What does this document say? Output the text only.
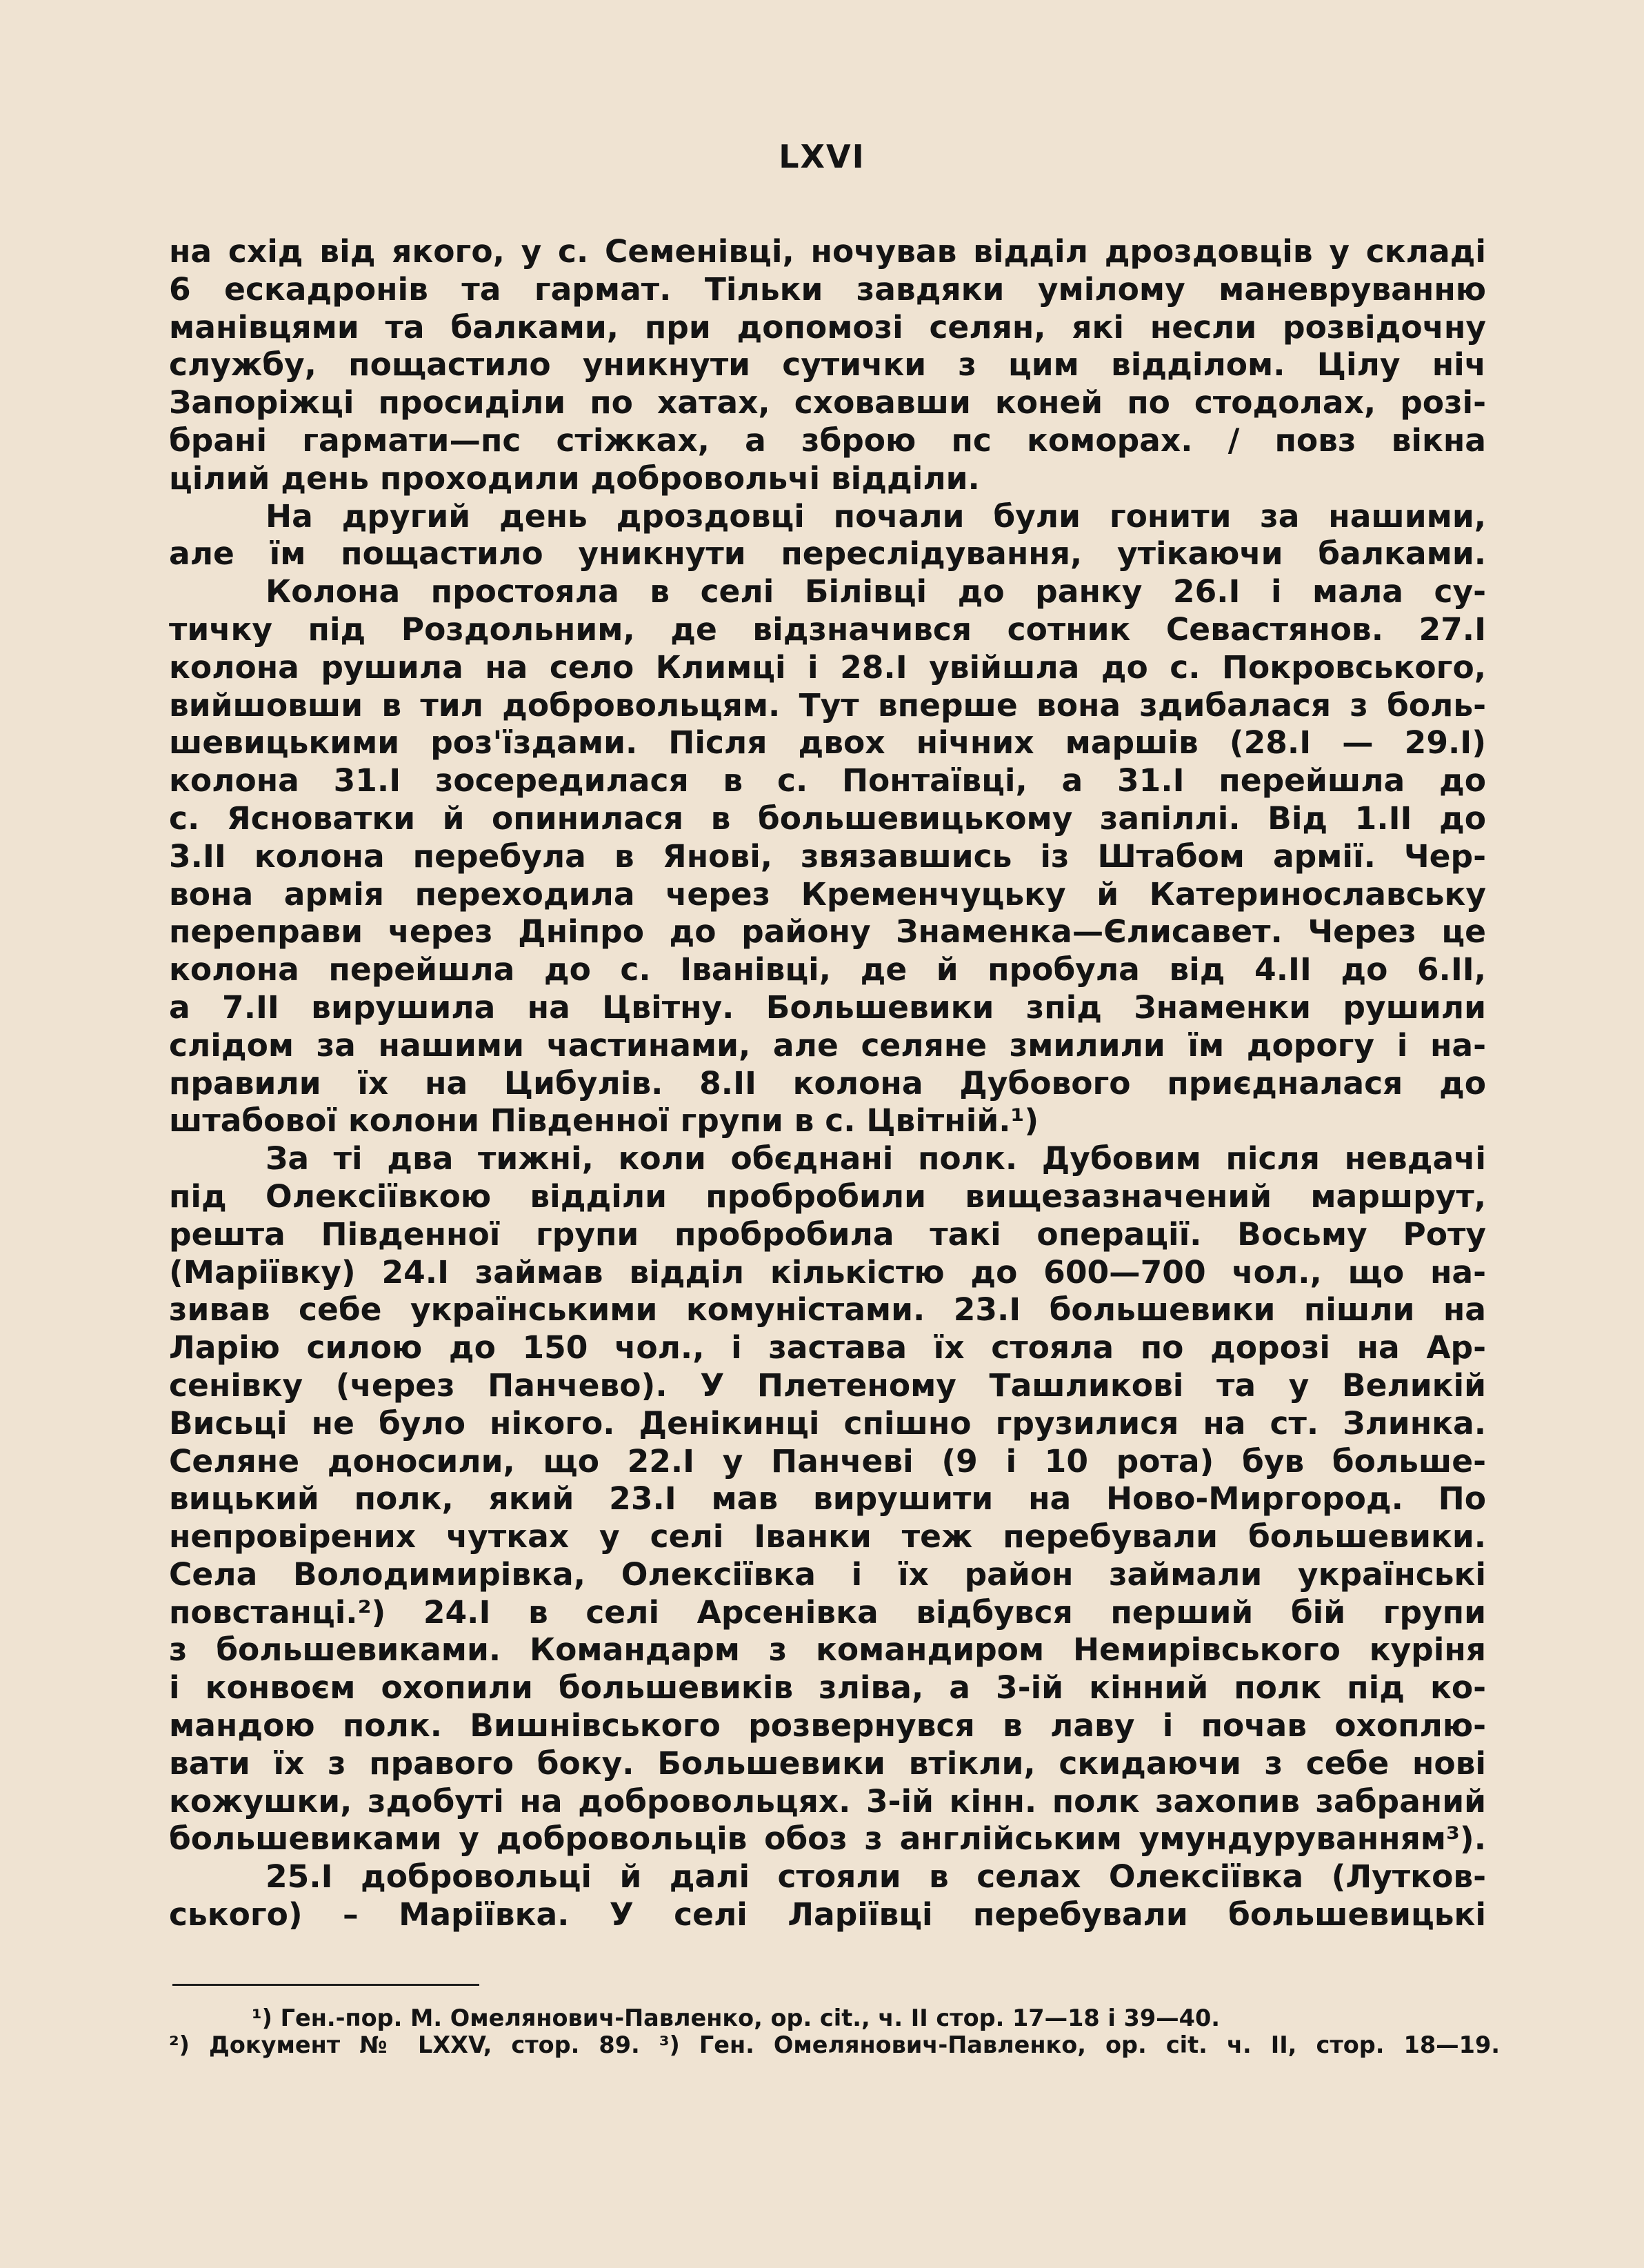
LXVI
на схід від якого, у с. Семенівці, ночував відділ дроздовців у складі
6 ескадронів та гармат. Тільки завдяки умілому маневруванню
манівцями та балками, при допомозі селян, які несли розвідочну
службу, пощастило уникнути сутички з цим відділом. Цілу ніч
Запоріжці просиділи по хатах, сховавши коней по стодолах, розі-
брані гармати—пс стіжках, а зброю пс коморах. / повз вікна
цілий день проходили добровольчі відділи.
На другий день дроздовці почали були гонити за нашими,
але їм пощастило уникнути переслідування, утікаючи балками.
Колона простояла в селі Білівці до ранку 26.I і мала су-
тичку під Роздольним, де відзначився сотник Севастянов. 27.I
колона рушила на село Климці і 28.I увійшла до с. Покровського,
вийшовши в тил добровольцям. Тут вперше вона здибалася з боль-
шевицькими роз'їздами. Після двох нічних маршів (28.I — 29.I)
колона 31.I зосередилася в с. Понтаївці, а 31.I перейшла до
с. Ясноватки й опинилася в большевицькому запіллі. Від 1.II до
3.II колона перебула в Янові, звязавшись із Штабом армії. Чер-
вона армія переходила через Кременчуцьку й Катеринославську
переправи через Дніпро до району Знаменка—Єлисавет. Через це
колона перейшла до с. Іванівці, де й пробула від 4.II до 6.II,
а 7.II вирушила на Цвітну. Большевики зпід Знаменки рушили
слідом за нашими частинами, але селяне змилили їм дорогу і на-
правили їх на Цибулів. 8.II колона Дубового приєдналася до
штабової колони Південної групи в с. Цвітній.¹)
За ті два тижні, коли обєднані полк. Дубовим після невдачі
під Олексіївкою відділи пробробили вищезазначений маршрут,
решта Південної групи пробробила такі операції. Восьму Роту
(Маріївку) 24.I займав відділ кількістю до 600—700 чол., що на-
зивав себе українськими комуністами. 23.I большевики пішли на
Ларію силою до 150 чол., і застава їх стояла по дорозі на Ар-
сенівку (через Панчево). У Плетеному Ташликові та у Великій
Висьці не було нікого. Денікинці спішно грузилися на ст. Злинка.
Селяне доносили, що 22.I у Панчеві (9 і 10 рота) був больше-
вицький полк, який 23.I мав вирушити на Ново-Миргород. По
непровірених чутках у селі Іванки теж перебували большевики.
Села Володимирівка, Олексіївка і їх район займали українські
повстанці.²) 24.I в селі Арсенівка відбувся перший бій групи
з большевиками. Командарм з командиром Немирівського куріня
і конвоєм охопили большевиків зліва, а 3-ій кінний полк під ко-
мандою полк. Вишнівського розвернувся в лаву і почав охоплю-
вати їх з правого боку. Большевики втікли, скидаючи з себе нові
кожушки, здобуті на добровольцях. 3-ій кінн. полк захопив забраний
большевиками у добровольців обоз з англійським умундуруванням³).
25.I добровольці й далі стояли в селах Олексіївка (Лутков-
ського) – Маріївка. У селі Ларіївці перебували большевицькі
¹) Ген.-пор. М. Омелянович-Павленко, op. cit., ч. II стор. 17—18 і 39—40.
²) Документ № LXXV, стор. 89. ³) Ген. Омелянович-Павленко, op. cit. ч. II, стор. 18—19.
